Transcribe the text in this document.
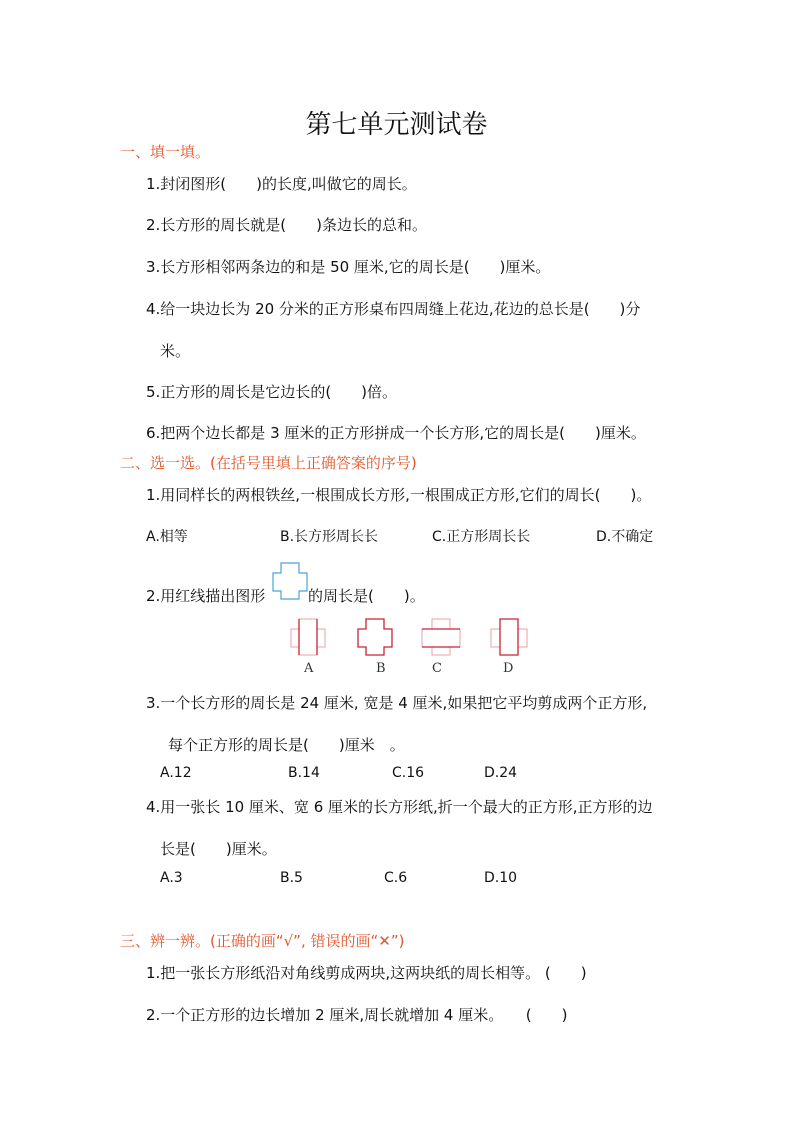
第七单元测试卷
一、填一填。
1.封闭图形(　　)的长度,叫做它的周长。
2.长方形的周长就是(　　)条边长的总和。
3.长方形相邻两条边的和是 50 厘米,它的周长是(　　)厘米。
4.给一块边长为 20 分米的正方形桌布四周缝上花边,花边的总长是(　　)分
米。
5.正方形的周长是它边长的(　　)倍。
6.把两个边长都是 3 厘米的正方形拼成一个长方形,它的周长是(　　)厘米。
二、选一选。(在括号里填上正确答案的序号)
1.用同样长的两根铁丝,一根围成长方形,一根围成正方形,它们的周长(　　)。
A.相等	B.长方形周长长	C.正方形周长长	D.不确定
2.用红线描出图形	的周长是(　　)。
A	B	C	D
3.一个长方形的周长是 24 厘米, 宽是 4 厘米,如果把它平均剪成两个正方形,
每个正方形的周长是(　　)厘米　。
A.12	B.14	C.16	D.24
4.用一张长 10 厘米、宽 6 厘米的长方形纸,折一个最大的正方形,正方形的边
长是(　　)厘米。
A.3	B.5	C.6	D.10
三、辨一辨。(正确的画“√”, 错误的画“✕”)
1.把一张长方形纸沿对角线剪成两块,这两块纸的周长相等。 (　　)
2.一个正方形的边长增加 2 厘米,周长就增加 4 厘米。　　(　　)
